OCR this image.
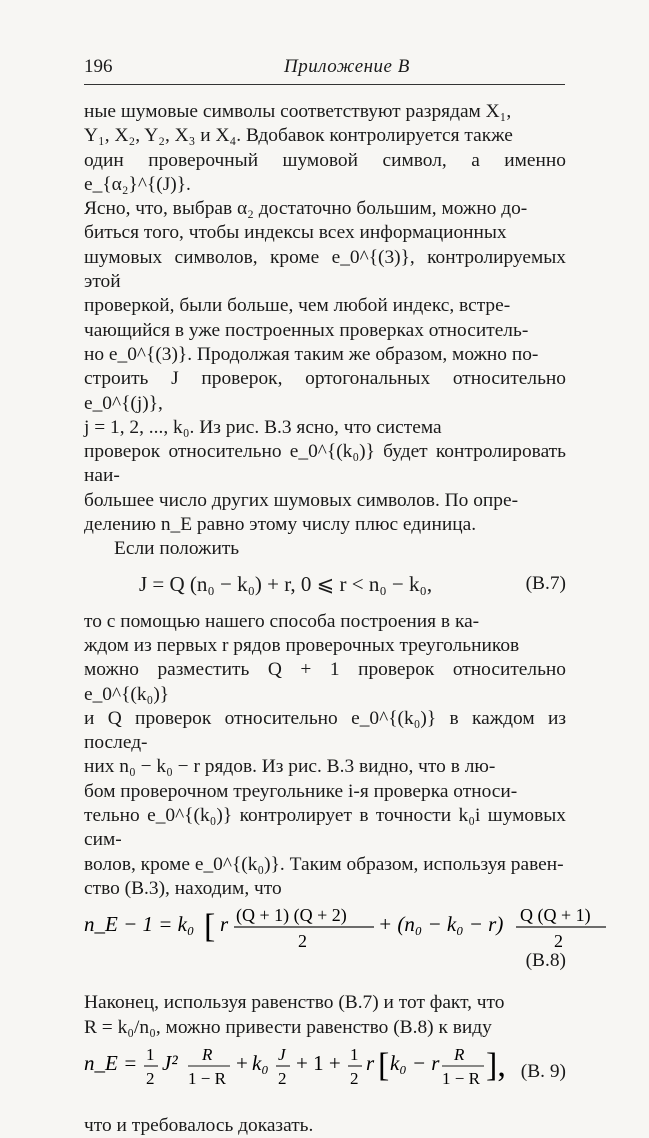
196	Приложение В

ные шумовые символы соответствуют разрядам X₁,
Y₁, X₂, Y₂, X₃ и X₄. Вдобавок контролируется также
один проверочный шумовой символ, а именно e_{α₂}^{(J)}.
Ясно, что, выбрав α₂ достаточно большим, можно до-
биться того, чтобы индексы всех информационных
шумовых символов, кроме e_0^{(3)}, контролируемых этой
проверкой, были больше, чем любой индекс, встре-
чающийся в уже построенных проверках относитель-
но e_0^{(3)}. Продолжая таким же образом, можно по-
строить J проверок, ортогональных относительно e_0^{(j)},
j = 1, 2, ..., k₀. Из рис. В.3 ясно, что система
проверок относительно e_0^{(k₀)} будет контролировать наи-
большее число других шумовых символов. По опре-
делению n_E равно этому числу плюс единица.

Если положить

J = Q (n₀ − k₀) + r, 0 ⩽ r < n₀ − k₀,	(В.7)

то с помощью нашего способа построения в ка-
ждом из первых r рядов проверочных треугольников
можно разместить Q + 1 проверок относительно e_0^{(k₀)}
и Q проверок относительно e_0^{(k₀)} в каждом из послед-
них n₀ − k₀ − r рядов. Из рис. В.3 видно, что в лю-
бом проверочном треугольнике i-я проверка относи-
тельно e_0^{(k₀)} контролирует в точности k₀i шумовых сим-
волов, кроме e_0^{(k₀)}. Таким образом, используя равен-
ство (В.3), находим, что

n_E − 1 = k₀ [ r (Q + 1) (Q + 2)
2
+ (n₀ − k₀ − r) Q (Q + 1)
2
(В.8)

Наконец, используя равенство (В.7) и тот факт, что
R = k₀/n₀, можно привести равенство (В.8) к виду

n_E = 1
2
J² R
1 − R
+ k₀ J
2
+ 1 + 1
2
r [ k₀ − r R
1 − R ], (В. 9)

что и требовалось доказать.
